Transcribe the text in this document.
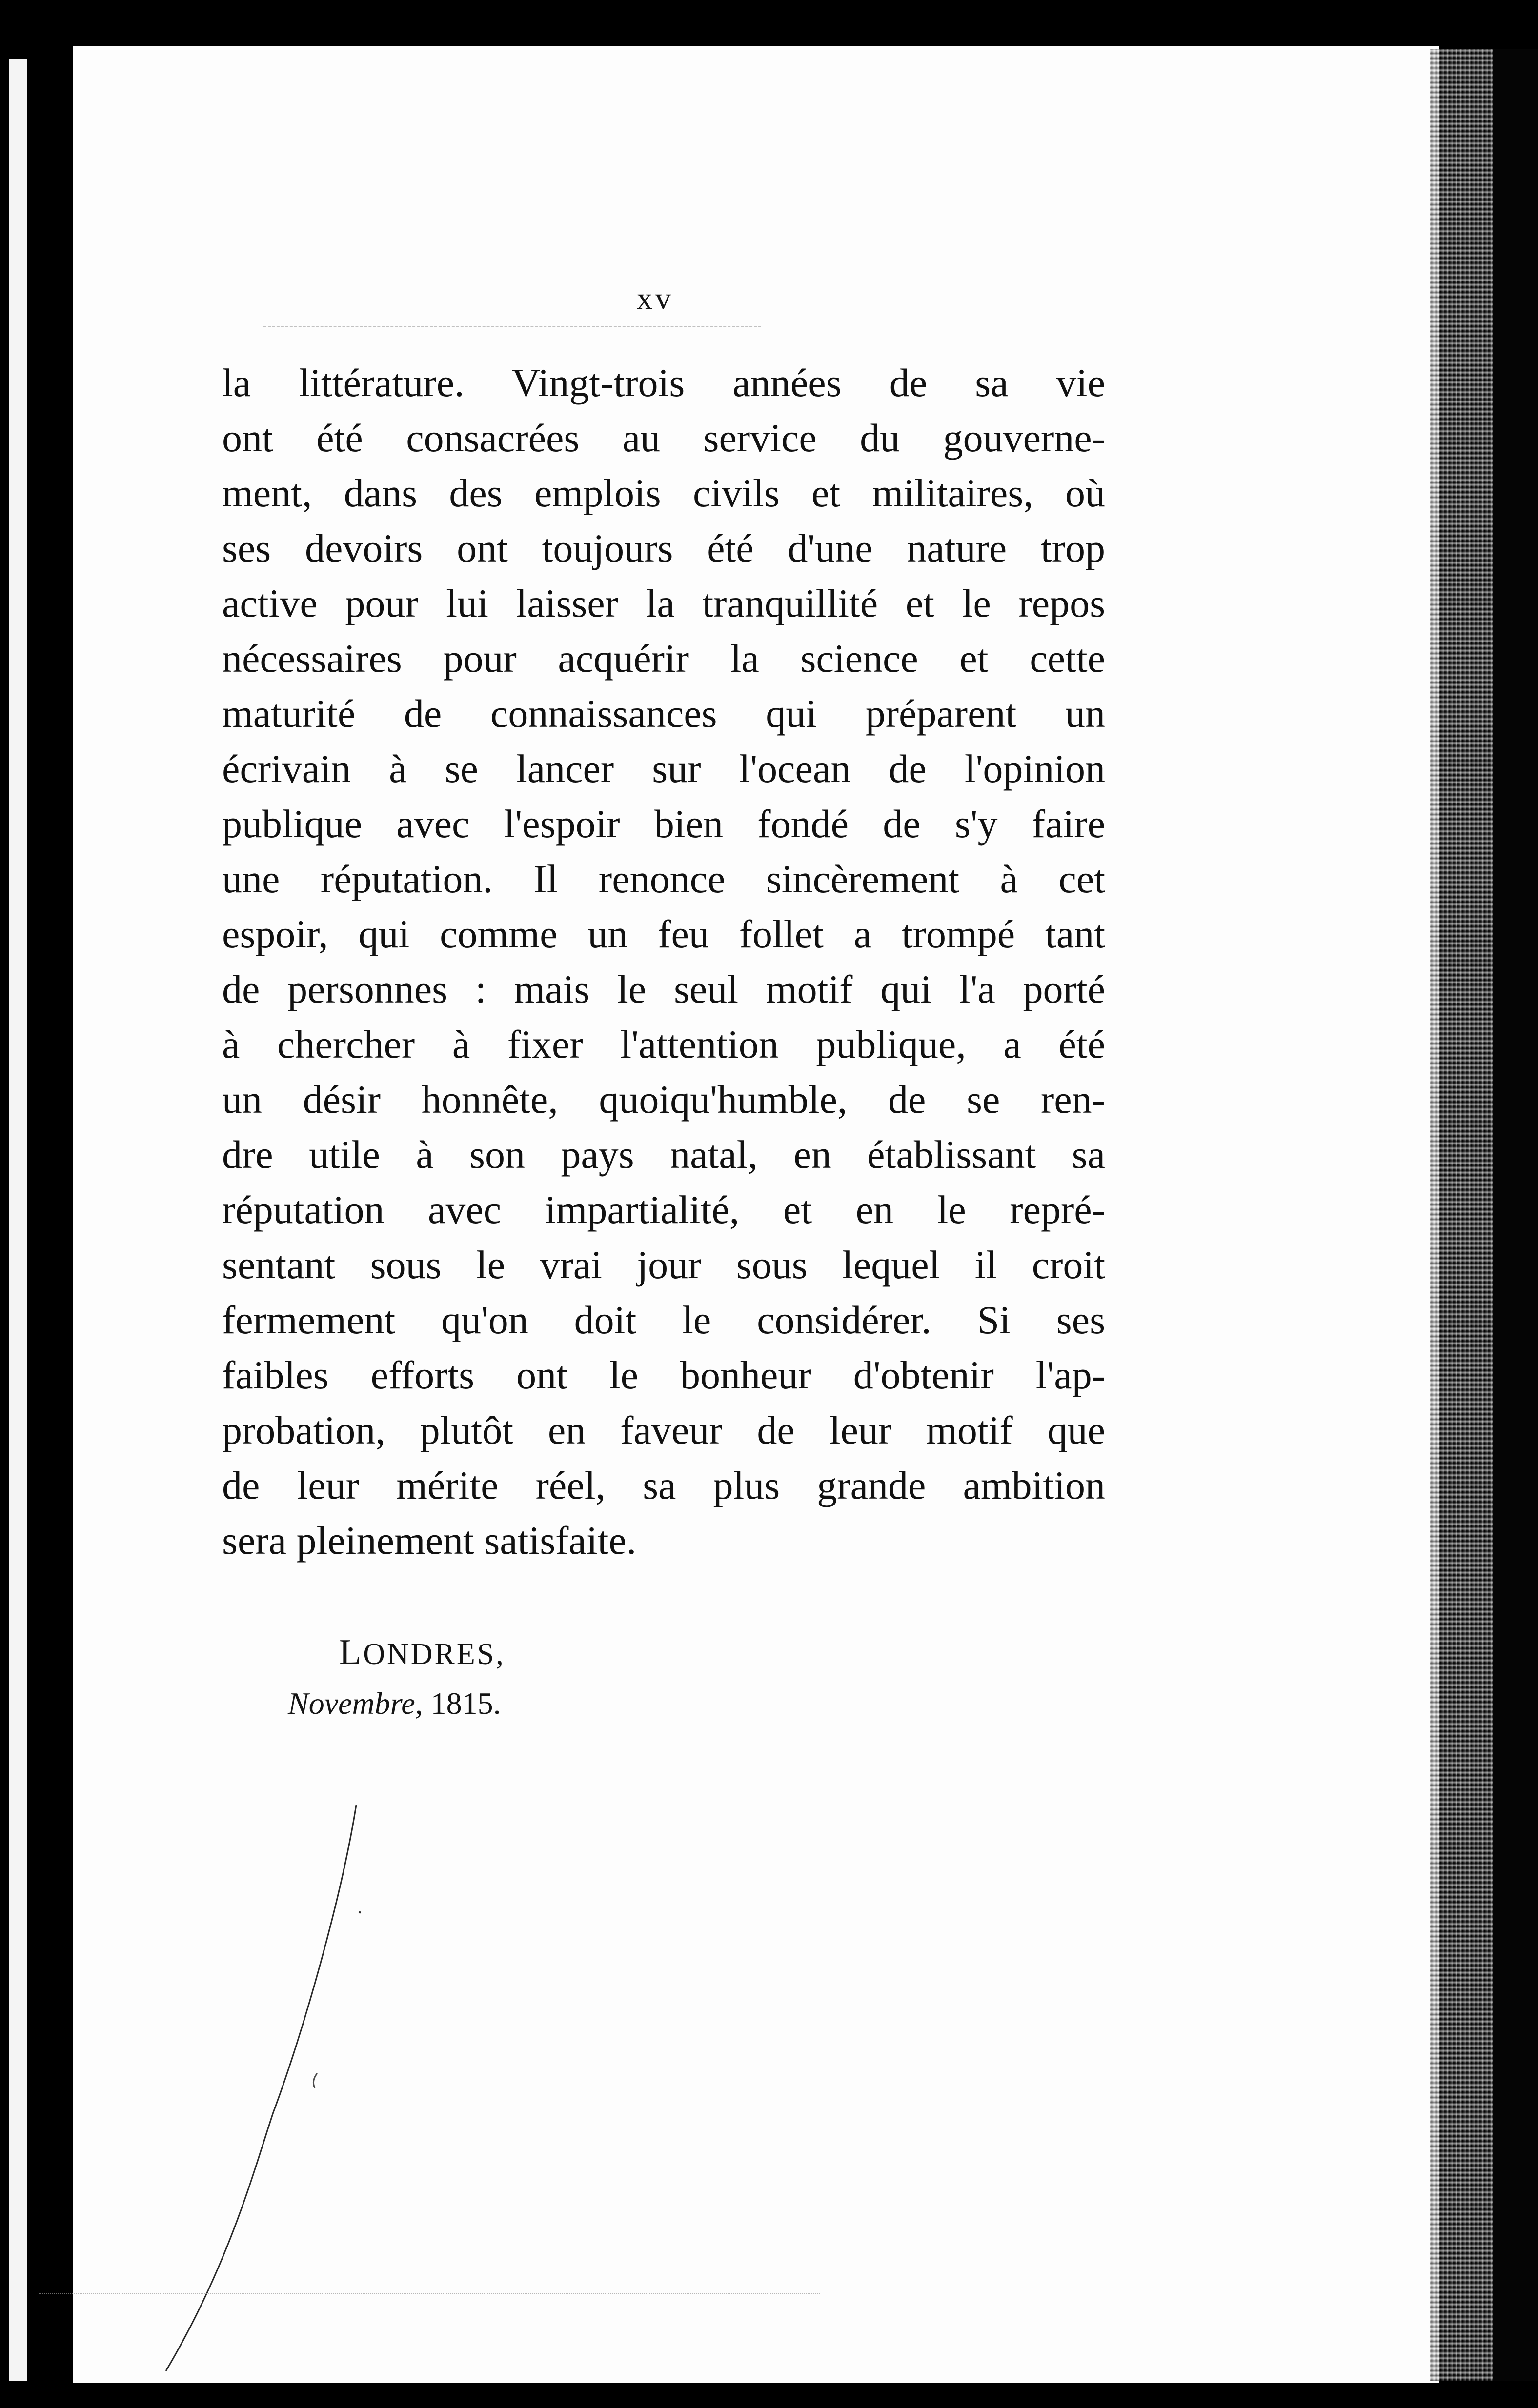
xv
la littérature. Vingt-trois années de sa vie
ont été consacrées au service du gouverne-
ment, dans des emplois civils et militaires, où
ses devoirs ont toujours été d'une nature trop
active pour lui laisser la tranquillité et le repos
nécessaires pour acquérir la science et cette
maturité de connaissances qui préparent un
écrivain à se lancer sur l'ocean de l'opinion
publique avec l'espoir bien fondé de s'y faire
une réputation. Il renonce sincèrement à cet
espoir, qui comme un feu follet a trompé tant
de personnes : mais le seul motif qui l'a porté
à chercher à fixer l'attention publique, a été
un désir honnête, quoiqu'humble, de se ren-
dre utile à son pays natal, en établissant sa
réputation avec impartialité, et en le repré-
sentant sous le vrai jour sous lequel il croit
fermement qu'on doit le considérer. Si ses
faibles efforts ont le bonheur d'obtenir l'ap-
probation, plutôt en faveur de leur motif que
de leur mérite réel, sa plus grande ambition
sera pleinement satisfaite.
LONDRES,
Novembre, 1815.
